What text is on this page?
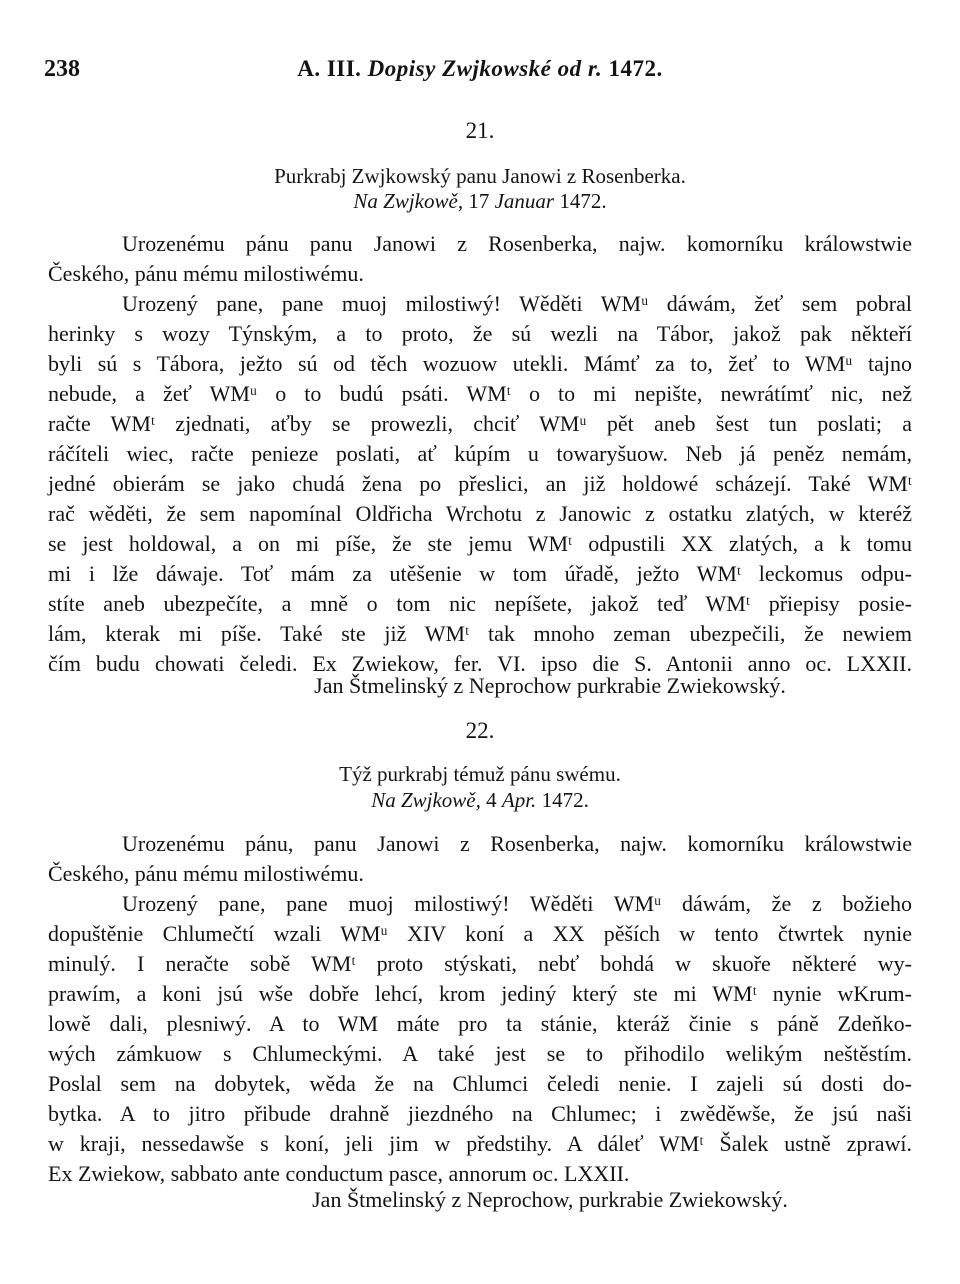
238	A. III. Dopisy Zwjkowské od r. 1472.
21.
Purkrabj Zwjkowský panu Janowi z Rosenberka.
Na Zwjkowě, 17 Januar 1472.
Urozenému pánu panu Janowi z Rosenberka, najw. komorníku králowstwie
Českého, pánu mému milostiwému.
Urozený pane, pane muoj milostiwý! Wěděti WMᵘ dáwám, žeť sem pobral
herinky s wozy Týnským, a to proto, že sú wezli na Tábor, jakož pak někteří
byli sú s Tábora, ježto sú od těch wozuow utekli. Mámť za to, žeť to WMᵘ tajno
nebude, a žeť WMᵘ o to budú psáti. WMᵗ o to mi nepište, newrátímť nic, než
račte WMᵗ zjednati, aťby se prowezli, chciť WMᵘ pět aneb šest tun poslati; a
ráčíteli wiec, račte penieze poslati, ať kúpím u towaryšuow. Neb já peněz nemám,
jedné obierám se jako chudá žena po přeslici, an již holdowé scházejí. Také WMᵗ
rač wěděti, že sem napomínal Oldřicha Wrchotu z Janowic z ostatku zlatých, w kteréž
se jest holdowal, a on mi píše, že ste jemu WMᵗ odpustili XX zlatých, a k tomu
mi i lže dáwaje. Toť mám za utěšenie w tom úřadě, ježto WMᵗ leckomus odpu-
stíte aneb ubezpečíte, a mně o tom nic nepíšete, jakož teď WMᵗ přiepisy posie-
lám, kterak mi píše. Také ste již WMᵗ tak mnoho zeman ubezpečili, že newiem
čím budu chowati čeledi. Ex Zwiekow, fer. VI. ipso die S. Antonii anno oc. LXXII.
Jan Štmelinský z Neprochow purkrabie Zwiekowský.
22.
Týž purkrabj témuž pánu swému.
Na Zwjkowě, 4 Apr. 1472.
Urozenému pánu, panu Janowi z Rosenberka, najw. komorníku králowstwie
Českého, pánu mému milostiwému.
Urozený pane, pane muoj milostiwý! Wěděti WMᵘ dáwám, že z božieho
dopuštěnie Chlumečtí wzali WMᵘ XIV koní a XX pěších w tento čtwrtek nynie
minulý. I neračte sobě WMᵗ proto stýskati, nebť bohdá w skuoře některé wy-
prawím, a koni jsú wše dobře lehcí, krom jediný který ste mi WMᵗ nynie wKrum-
lowě dali, plesniwý. A to WM máte pro ta stánie, kteráž činie s páně Zdeňko-
wých zámkuow s Chlumeckými. A také jest se to přihodilo welikým neštěstím.
Poslal sem na dobytek, wěda že na Chlumci čeledi nenie. I zajeli sú dosti do-
bytka. A to jitro přibude drahně jiezdného na Chlumec; i zwěděwše, že jsú naši
w kraji, nessedawše s koní, jeli jim w předstihy. A dáleť WMᵗ Šalek ustně zprawí.
Ex Zwiekow, sabbato ante conductum pasce, annorum oc. LXXII.
Jan Štmelinský z Neprochow, purkrabie Zwiekowský.
